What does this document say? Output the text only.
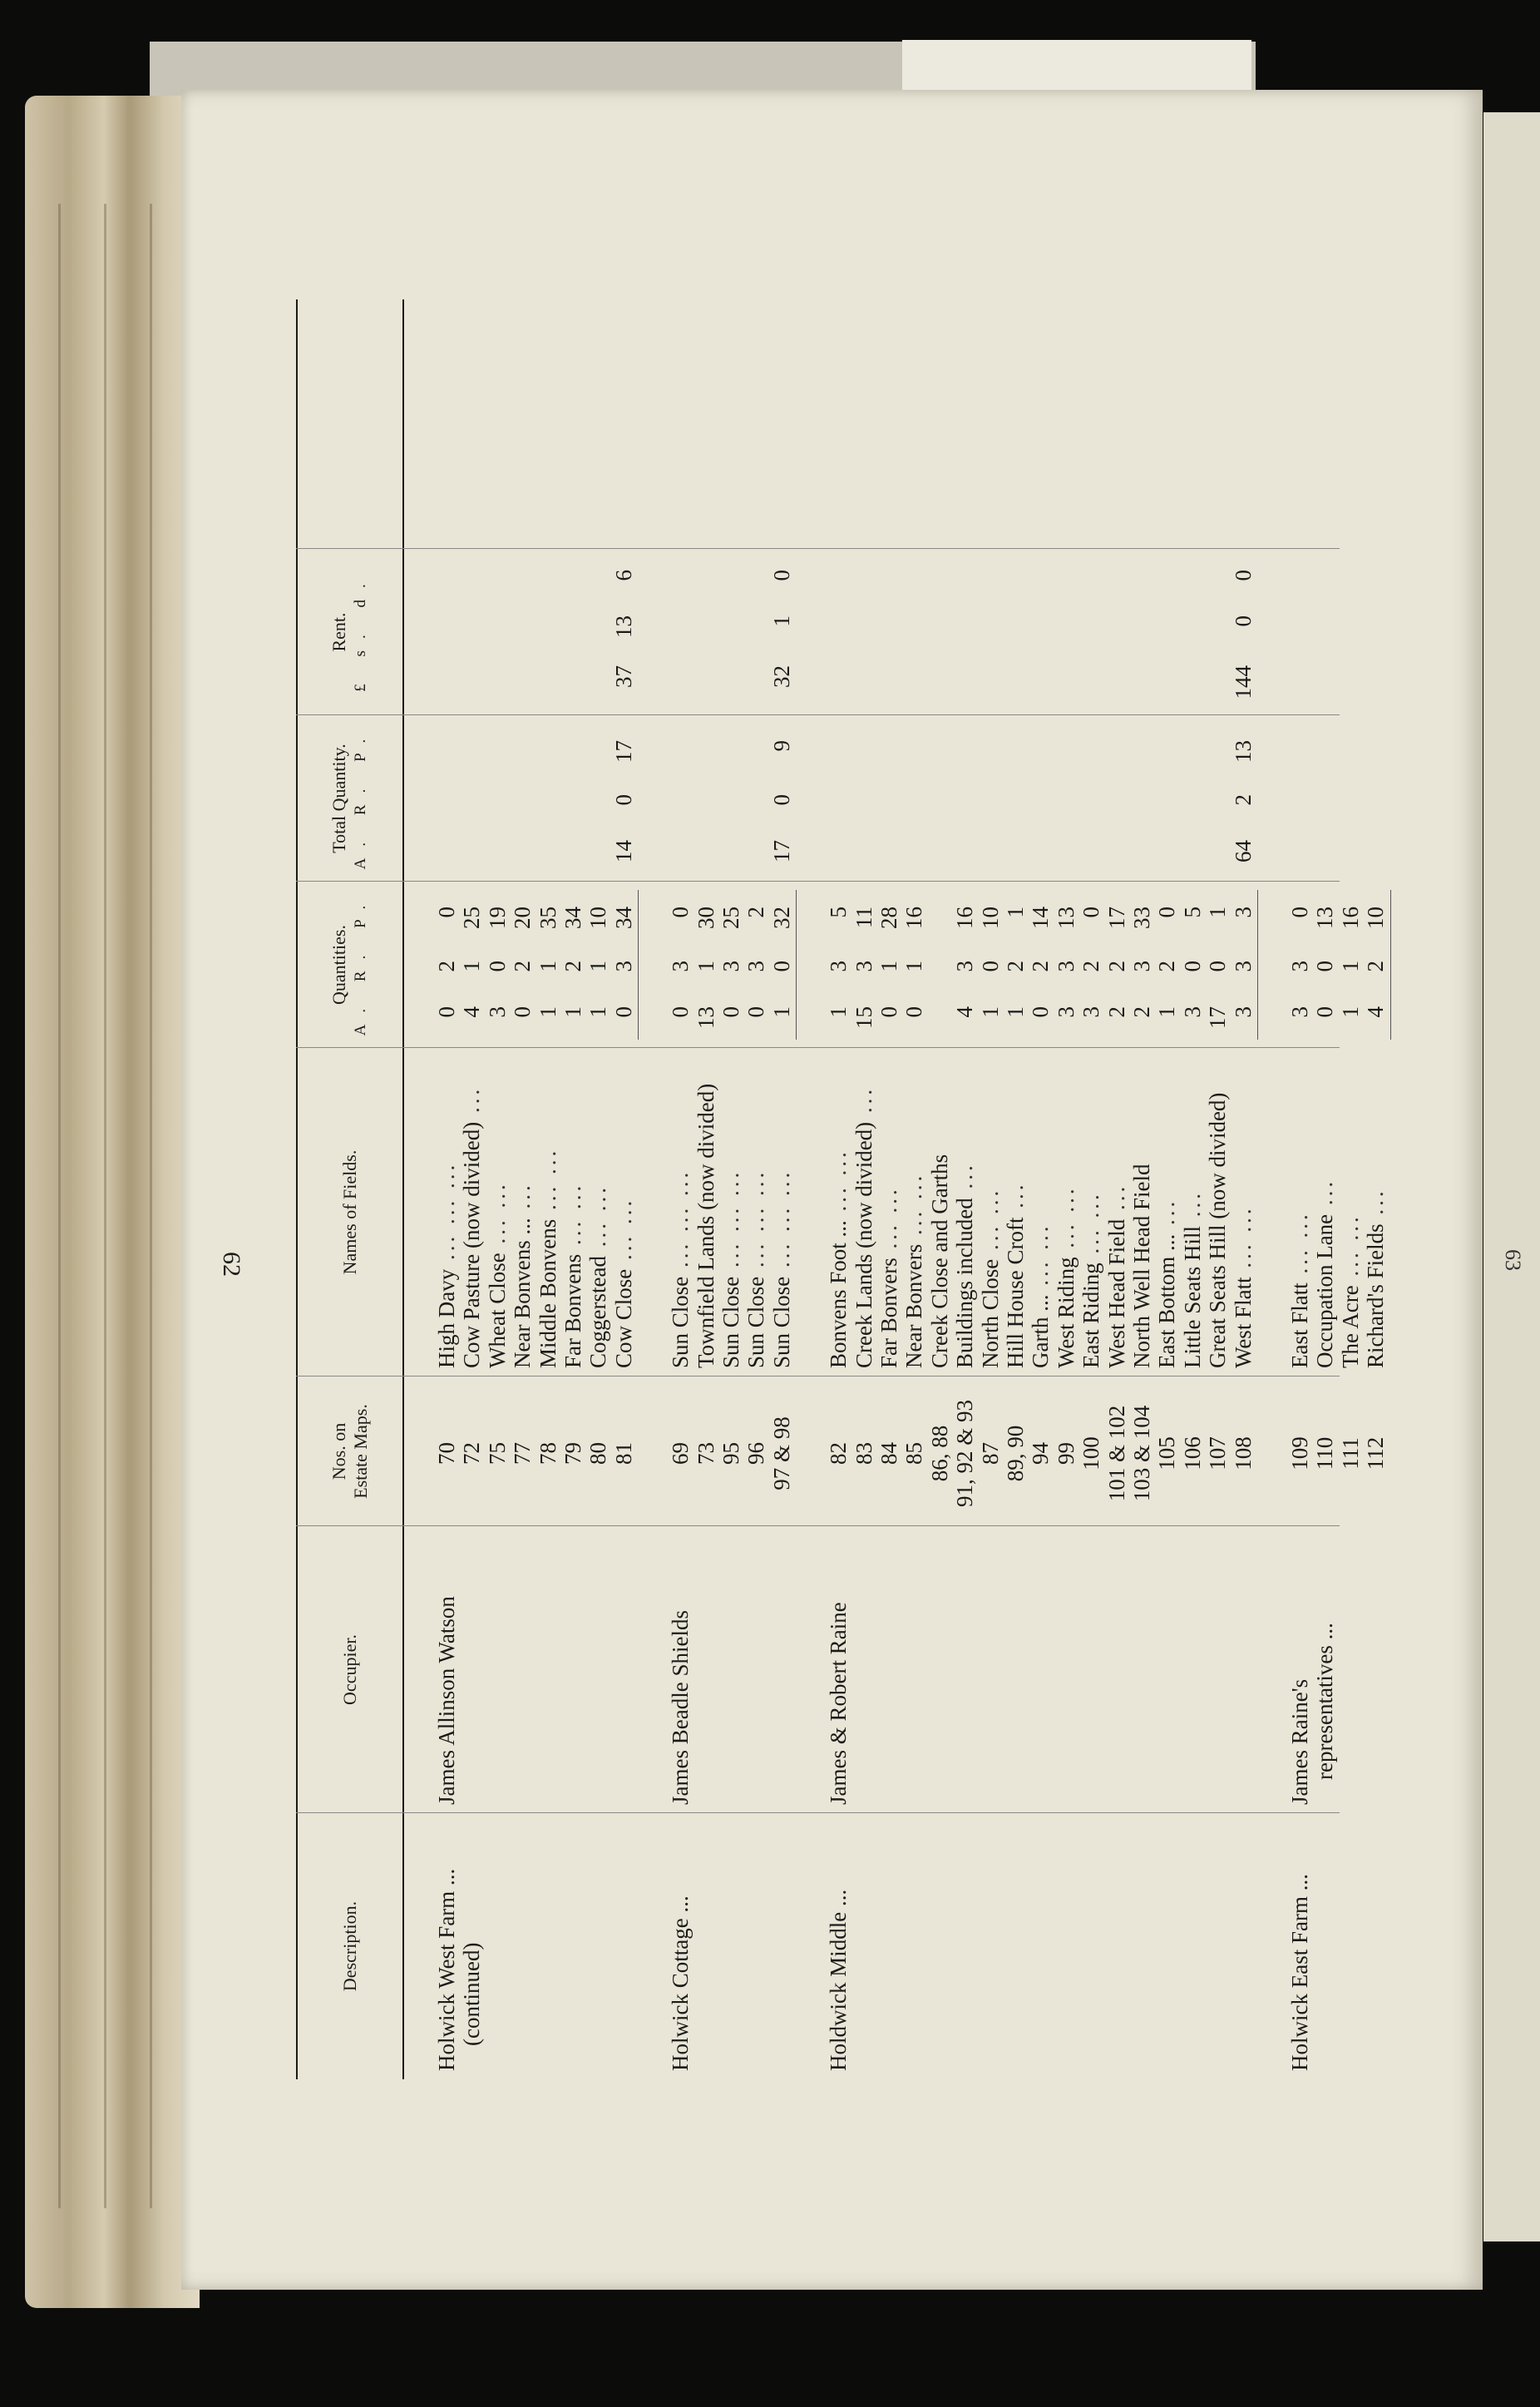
63
62
Description.
Occupier.
Nos. on Estate Maps.
Names of Fields.
Quantities. A. R. P.
Total Quantity. A. R. P.
Rent. £ s. d.
Holwick West Farm ... (continued)
James Allinson Watson
70
High Davy ... ... ...
0
2
0
72
Cow Pasture (now divided) ...
4
1
25
75
Wheat Close ... ...
3
0
19
77
Near Bonvens ... ...
0
2
20
78
Middle Bonvens ... ...
1
1
35
79
Far Bonvens ... ...
1
2
34
80
Coggerstead ... ...
1
1
10
81
Cow Close ... ...
0
3
34
14
37
0
13
17
6
Holwick Cottage ...
James Beadle Shields
69
Sun Close ... ... ...
0
3
0
73
Townfield Lands (now divided)
13
1
30
95
Sun Close ... ... ...
0
3
25
96
Sun Close ... ... ...
0
3
2
97 & 98
Sun Close ... ... ...
1
0
32
17
32
0
1
9
0
Holdwick Middle ...
James & Robert Raine
82
Bonvens Foot ... ... ...
1
3
5
83
Creek Lands (now divided) ...
15
3
11
84
Far Bonvers ... ...
0
1
28
85
Near Bonvers ... ...
0
1
16
86, 88
Creek Close and Garths
91, 92 & 93
Buildings included ...
4
3
16
87
North Close ... ...
1
0
10
89, 90
Hill House Croft ...
1
2
1
94
Garth ... ... ...
0
2
14
99
West Riding ... ...
3
3
13
100
East Riding ... ...
3
2
0
101 & 102
West Head Field ...
2
2
17
103 & 104
North Well Head Field
2
3
33
105
East Bottom ... ...
1
2
0
106
Little Seats Hill ...
3
0
5
107
Great Seats Hill (now divided)
17
0
1
108
West Flatt ... ...
3
3
3
64
144
2
0
13
0
Holwick East Farm ...
James Raine's representatives ...
109
East Flatt ... ...
3
3
0
110
Occupation Lane ...
0
0
13
111
The Acre ... ...
1
1
16
112
Richard's Fields ...
4
2
10
